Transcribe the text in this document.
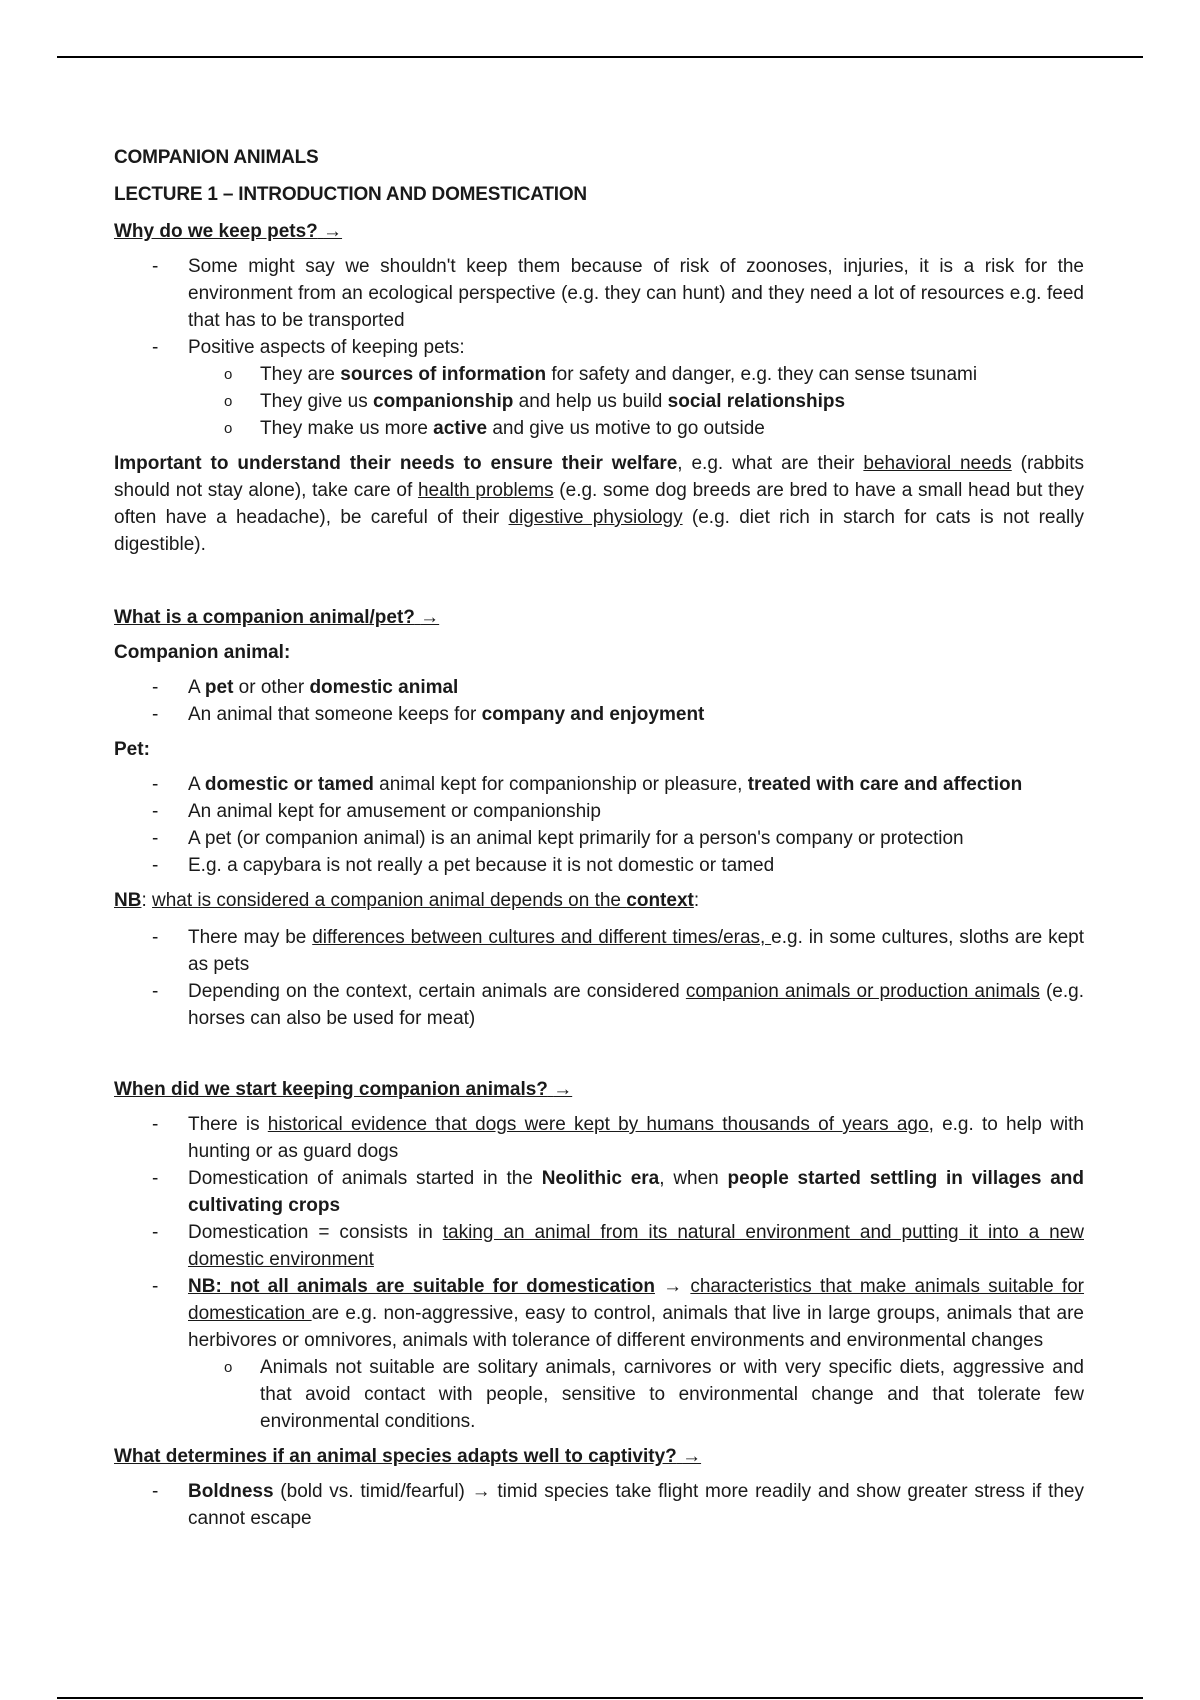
COMPANION ANIMALS
LECTURE 1 – INTRODUCTION AND DOMESTICATION
Why do we keep pets? →
- Some might say we shouldn't keep them because of risk of zoonoses, injuries, it is a risk for the environment from an ecological perspective (e.g. they can hunt) and they need a lot of resources e.g. feed that has to be transported
- Positive aspects of keeping pets:
o They are sources of information for safety and danger, e.g. they can sense tsunami
o They give us companionship and help us build social relationships
o They make us more active and give us motive to go outside
Important to understand their needs to ensure their welfare, e.g. what are their behavioral needs (rabbits should not stay alone), take care of health problems (e.g. some dog breeds are bred to have a small head but they often have a headache), be careful of their digestive physiology (e.g. diet rich in starch for cats is not really digestible).
What is a companion animal/pet? →
Companion animal:
- A pet or other domestic animal
- An animal that someone keeps for company and enjoyment
Pet:
- A domestic or tamed animal kept for companionship or pleasure, treated with care and affection
- An animal kept for amusement or companionship
- A pet (or companion animal) is an animal kept primarily for a person's company or protection
- E.g. a capybara is not really a pet because it is not domestic or tamed
NB: what is considered a companion animal depends on the context:
- There may be differences between cultures and different times/eras, e.g. in some cultures, sloths are kept as pets
- Depending on the context, certain animals are considered companion animals or production animals (e.g. horses can also be used for meat)
When did we start keeping companion animals? →
- There is historical evidence that dogs were kept by humans thousands of years ago, e.g. to help with hunting or as guard dogs
- Domestication of animals started in the Neolithic era, when people started settling in villages and cultivating crops
- Domestication = consists in taking an animal from its natural environment and putting it into a new domestic environment
- NB: not all animals are suitable for domestication → characteristics that make animals suitable for domestication are e.g. non-aggressive, easy to control, animals that live in large groups, animals that are herbivores or omnivores, animals with tolerance of different environments and environmental changes
o Animals not suitable are solitary animals, carnivores or with very specific diets, aggressive and that avoid contact with people, sensitive to environmental change and that tolerate few environmental conditions.
What determines if an animal species adapts well to captivity? →
- Boldness (bold vs. timid/fearful) → timid species take flight more readily and show greater stress if they cannot escape
